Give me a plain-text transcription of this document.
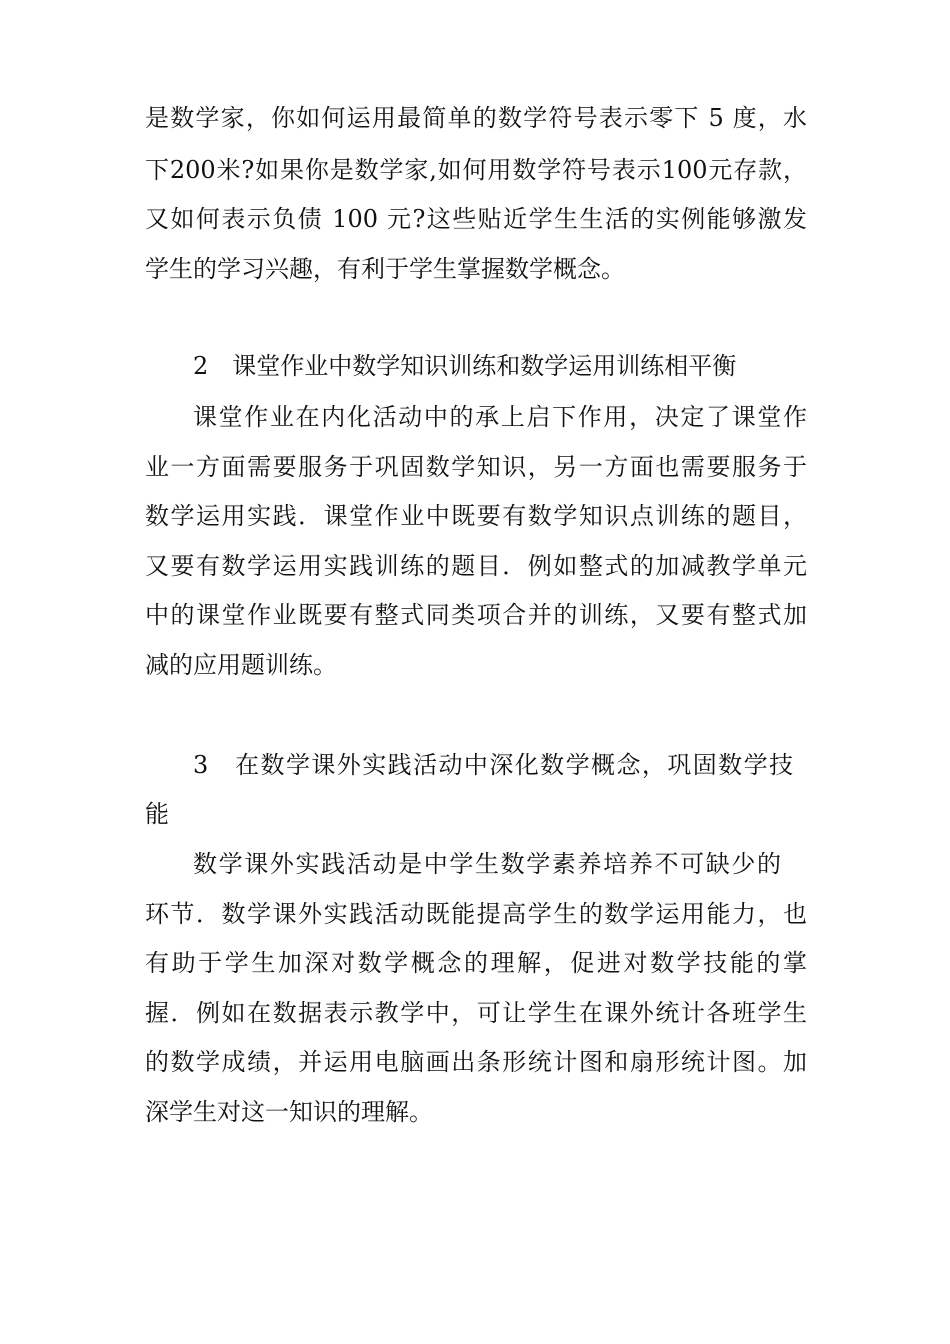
是数学家，你如何运用最简单的数学符号表示零下 5 度，水
下200米?如果你是数学家,如何用数学符号表示100元存款，
又如何表示负债 100 元?这些贴近学生生活的实例能够激发
学生的学习兴趣，有利于学生掌握数学概念。
2　课堂作业中数学知识训练和数学运用训练相平衡
课堂作业在内化活动中的承上启下作用，决定了课堂作
业一方面需要服务于巩固数学知识，另一方面也需要服务于
数学运用实践．课堂作业中既要有数学知识点训练的题目，
又要有数学运用实践训练的题目．例如整式的加减教学单元
中的课堂作业既要有整式同类项合并的训练，又要有整式加
减的应用题训练。
3　在数学课外实践活动中深化数学概念，巩固数学技
能
数学课外实践活动是中学生数学素养培养不可缺少的
环节．数学课外实践活动既能提高学生的数学运用能力，也
有助于学生加深对数学概念的理解，促进对数学技能的掌
握．例如在数据表示教学中，可让学生在课外统计各班学生
的数学成绩，并运用电脑画出条形统计图和扇形统计图。加
深学生对这一知识的理解。
